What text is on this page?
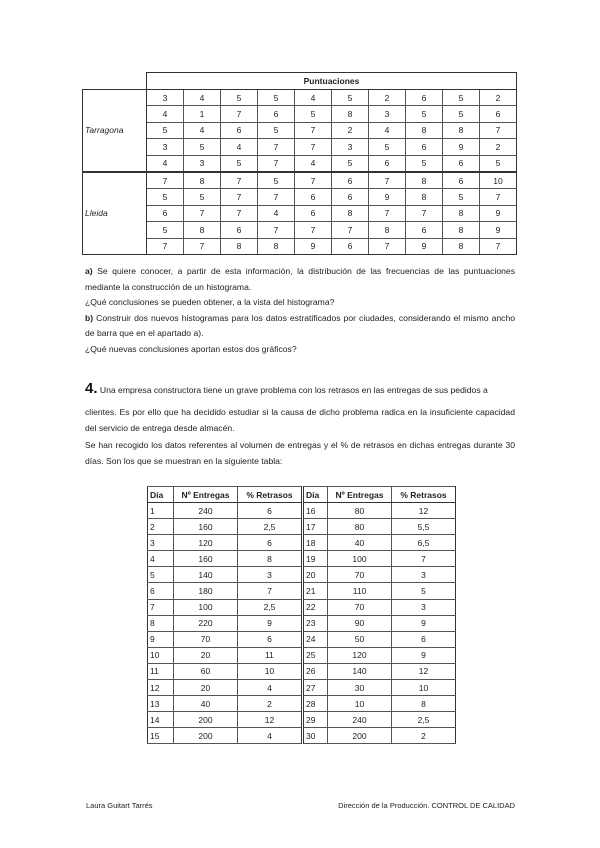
	Puntuaciones									
Tarragona	3	4	5	5	4	5	2	6	5	2
	4	1	7	6	5	8	3	5	5	6
	5	4	6	5	7	2	4	8	8	7
	3	5	4	7	7	3	5	6	9	2
	4	3	5	7	4	5	6	5	6	5
Lleida	7	8	7	5	7	6	7	8	6	10
	5	5	7	7	6	6	9	8	5	7
	6	7	7	4	6	8	7	7	8	9
	5	8	6	7	7	7	8	6	8	9
	7	7	8	8	9	6	7	9	8	7

a) Se quiere conocer, a partir de esta información, la distribución de las frecuencias de las puntuaciones mediante la construcción de un histograma.

¿Qué conclusiones se pueden obtener, a la vista del histograma?

b) Construir dos nuevos histogramas para los datos estratificados por ciudades, considerando el mismo ancho de barra que en el apartado a).

¿Qué nuevas conclusiones aportan estos dos gráficos?

4. Una empresa constructora tiene un grave problema con los retrasos en las entregas de sus pedidos a

clientes. Es por ello que ha decidido estudiar si la causa de dicho problema radica en la insuficiente capacidad del servicio de entrega desde almacén.

Se han recogido los datos referentes al volumen de entregas y el % de retrasos en dichas entregas durante 30 días. Son los que se muestran en la siguiente tabla:

Día	Nº Entregas	% Retrasos	Día	Nº Entregas	% Retrasos
1	240	6	16	80	12
2	160	2,5	17	80	5,5
3	120	6	18	40	6,5
4	160	8	19	100	7
5	140	3	20	70	3
6	180	7	21	110	5
7	100	2,5	22	70	3
8	220	9	23	90	9
9	70	6	24	50	6
10	20	11	25	120	9
11	60	10	26	140	12
12	20	4	27	30	10
13	40	2	28	10	8
14	200	12	29	240	2,5
15	200	4	30	200	2
Laura Guitart Tarrés	Dirección de la Producción. CONTROL DE CALIDAD
